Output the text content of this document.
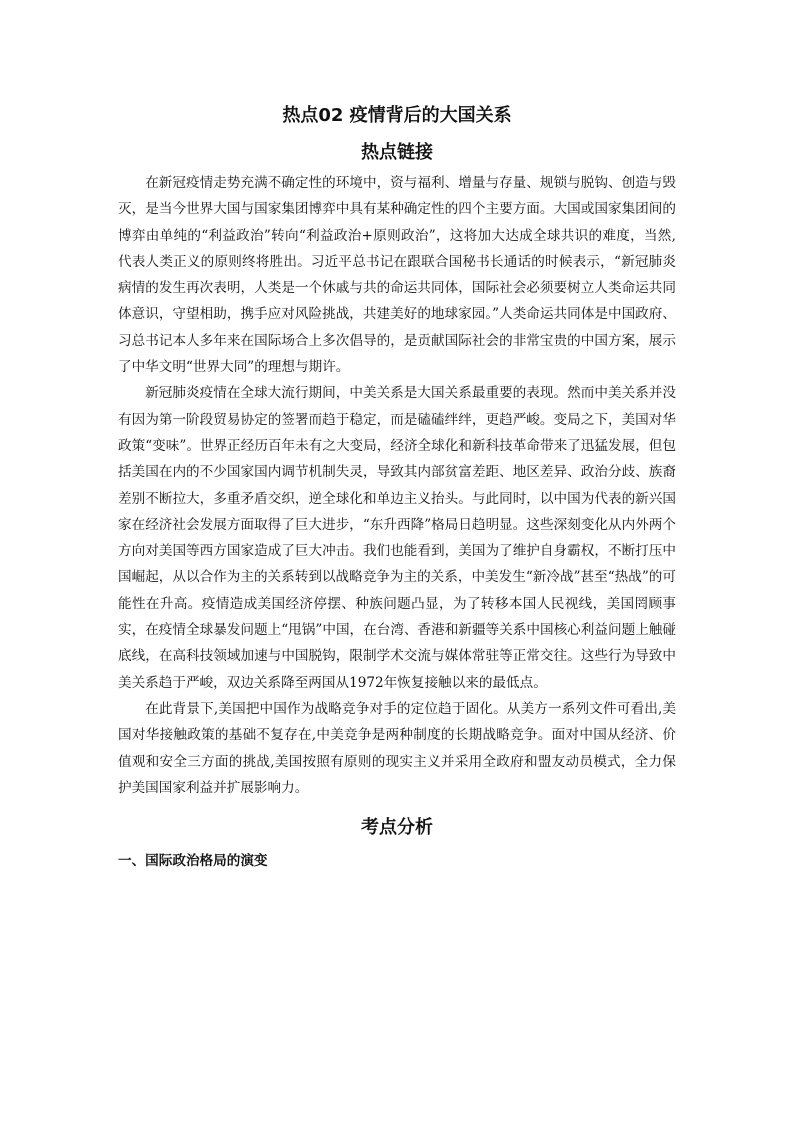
热点02 疫情背后的大国关系
热点链接

在新冠疫情走势充满不确定性的环境中，资与福利、增量与存量、规锁与脱钩、创造与毁灭，是当今世界大国与国家集团博弈中具有某种确定性的四个主要方面。大国或国家集团间的博弈由单纯的“利益政治”转向“利益政治+原则政治”，这将加大达成全球共识的难度，当然,代表人类正义的原则终将胜出。习近平总书记在跟联合国秘书长通话的时候表示，“新冠肺炎病情的发生再次表明，人类是一个休戚与共的命运共同体，国际社会必须要树立人类命运共同体意识，守望相助，携手应对风险挑战，共建美好的地球家园。”人类命运共同体是中国政府、习总书记本人多年来在国际场合上多次倡导的，是贡献国际社会的非常宝贵的中国方案，展示了中华文明“世界大同”的理想与期许。

新冠肺炎疫情在全球大流行期间，中美关系是大国关系最重要的表现。然而中美关系并没有因为第一阶段贸易协定的签署而趋于稳定，而是磕磕绊绊，更趋严峻。变局之下，美国对华政策“变味”。世界正经历百年未有之大变局，经济全球化和新科技革命带来了迅猛发展，但包括美国在内的不少国家国内调节机制失灵，导致其内部贫富差距、地区差异、政治分歧、族裔差别不断拉大，多重矛盾交织，逆全球化和单边主义抬头。与此同时，以中国为代表的新兴国家在经济社会发展方面取得了巨大进步，“东升西降”格局日趋明显。这些深刻变化从内外两个方向对美国等西方国家造成了巨大冲击。我们也能看到，美国为了维护自身霸权，不断打压中国崛起，从以合作为主的关系转到以战略竞争为主的关系，中美发生“新冷战”甚至“热战”的可能性在升高。疫情造成美国经济停摆、种族问题凸显，为了转移本国人民视线，美国罔顾事实，在疫情全球暴发问题上“甩锅”中国，在台湾、香港和新疆等关系中国核心利益问题上触碰底线，在高科技领域加速与中国脱钩，限制学术交流与媒体常驻等正常交往。这些行为导致中美关系趋于严峻，双边关系降至两国从1972年恢复接触以来的最低点。

在此背景下,美国把中国作为战略竞争对手的定位趋于固化。从美方一系列文件可看出,美国对华接触政策的基础不复存在,中美竞争是两种制度的长期战略竞争。面对中国从经济、价值观和安全三方面的挑战,美国按照有原则的现实主义并采用全政府和盟友动员模式，全力保护美国国家利益并扩展影响力。

考点分析
一、国际政治格局的演变
